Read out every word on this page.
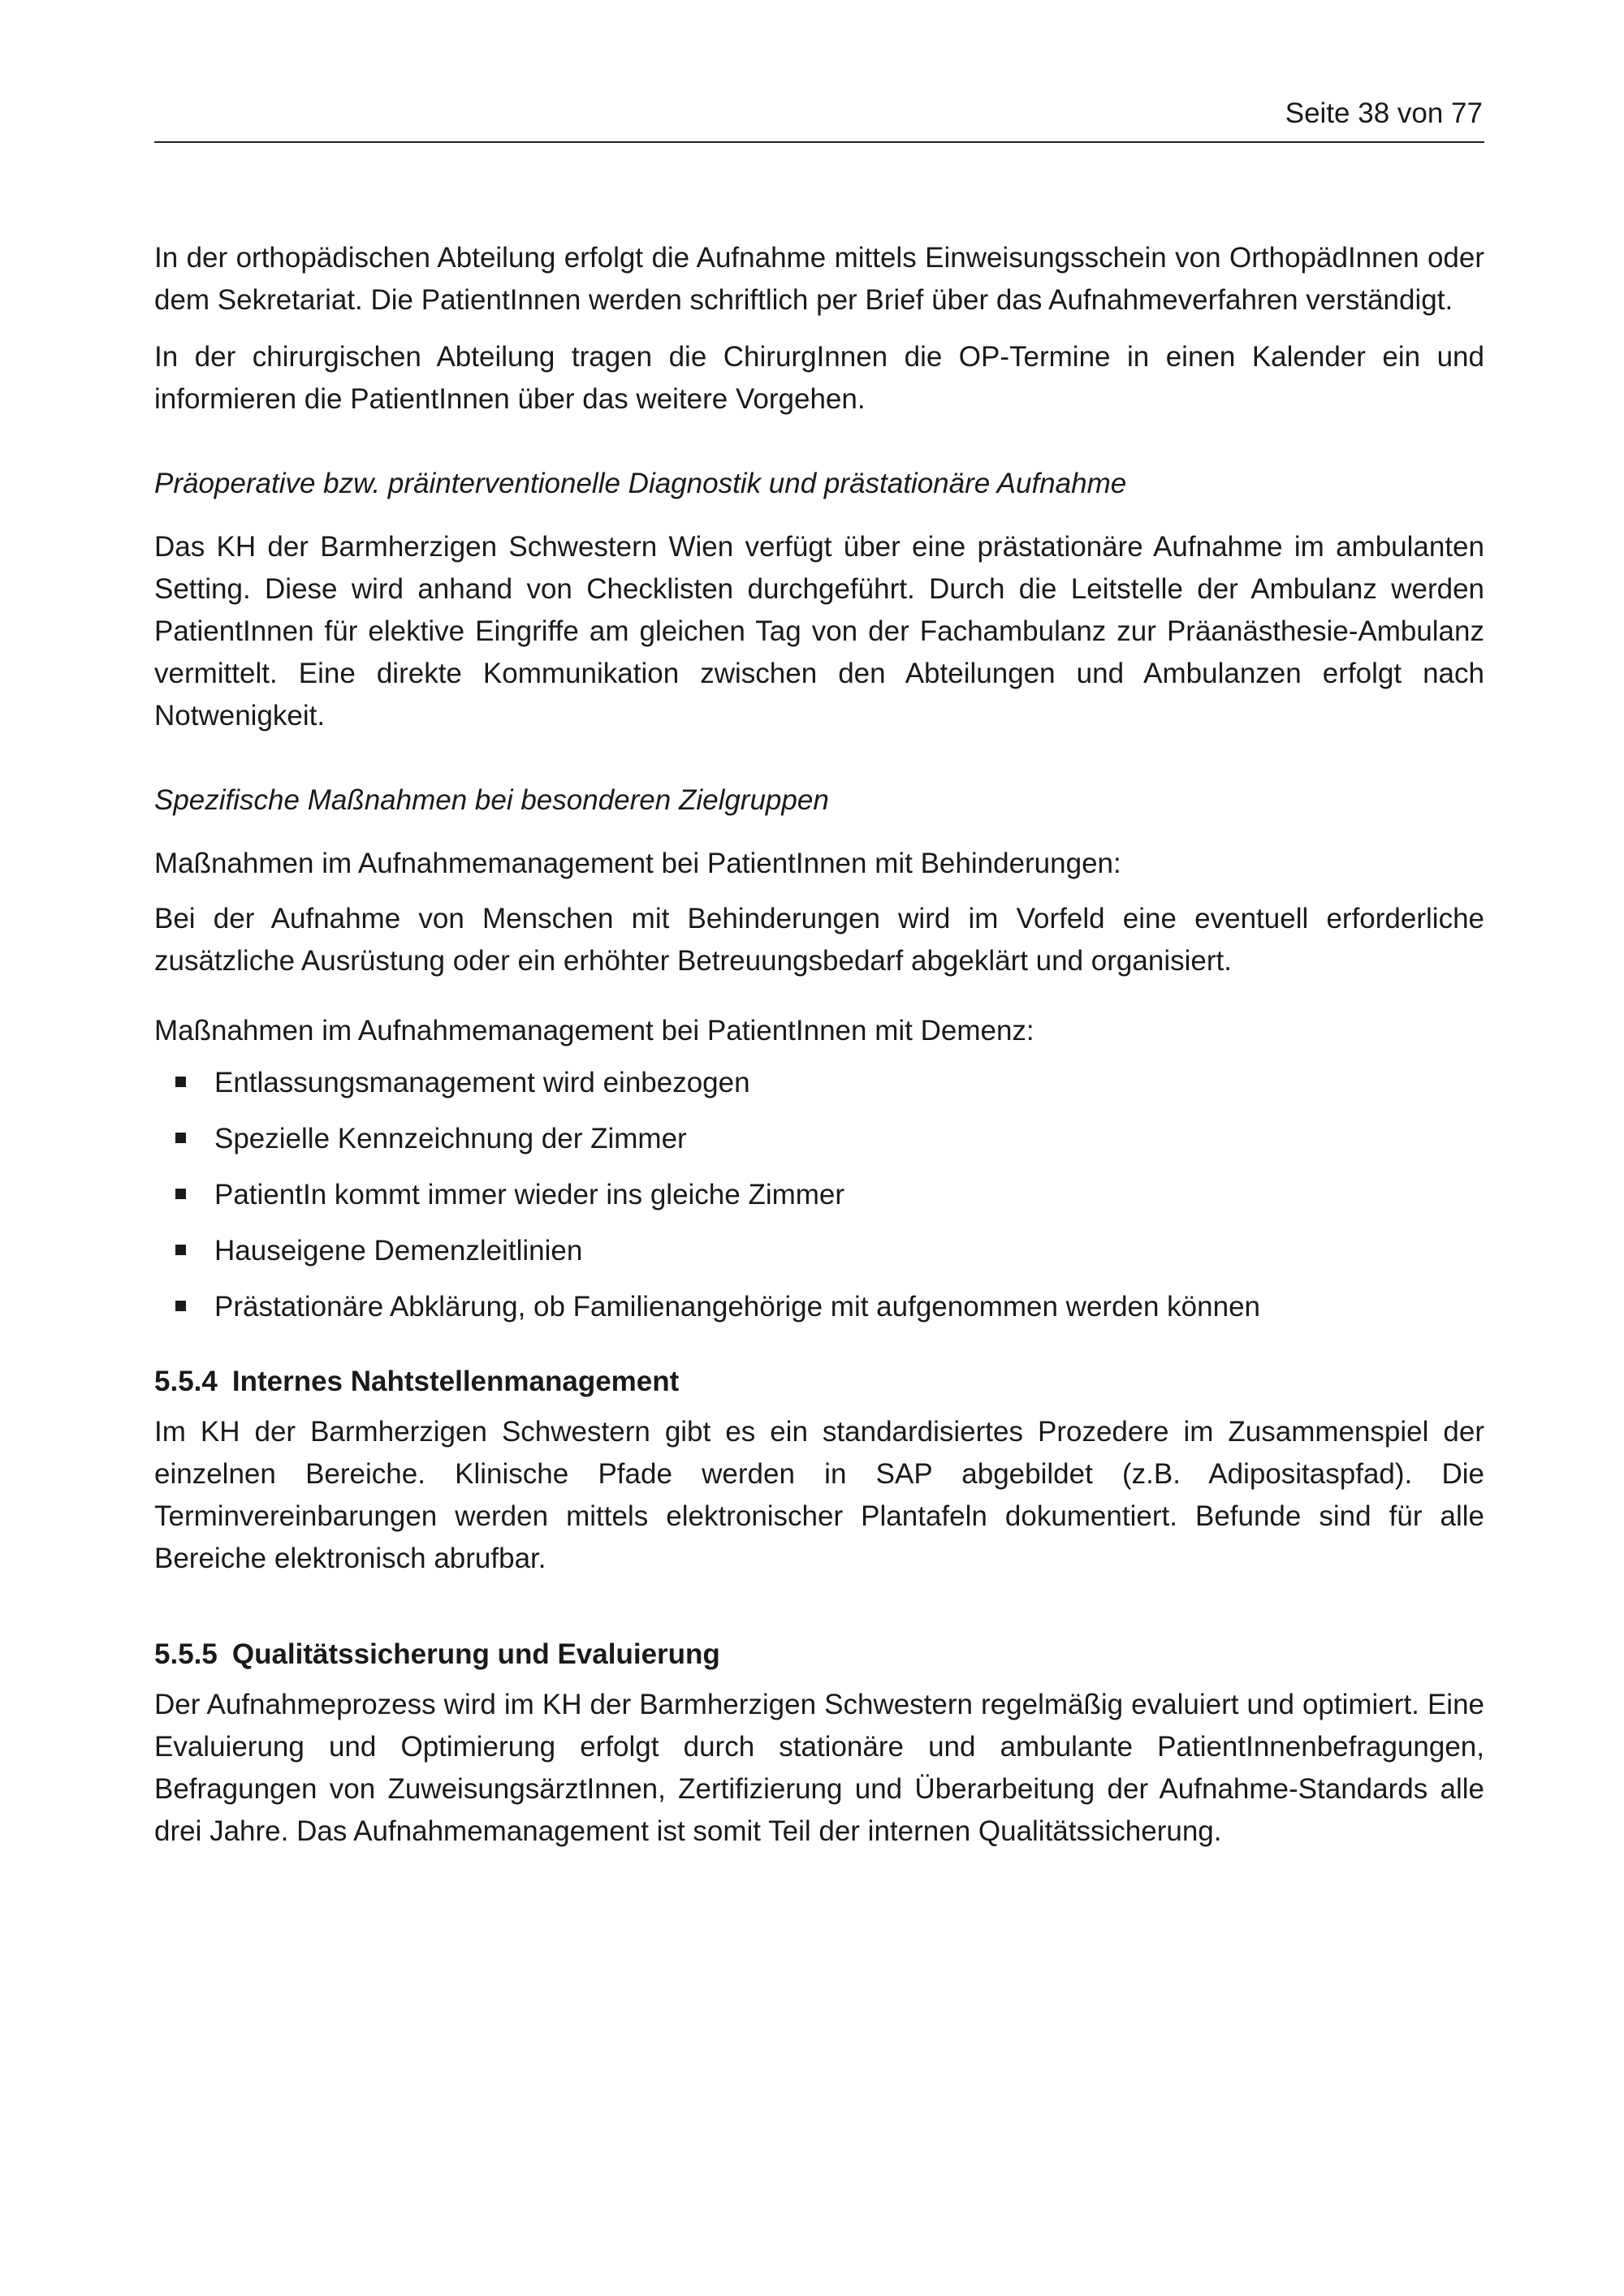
Seite 38 von 77

In der orthopädischen Abteilung erfolgt die Aufnahme mittels Einweisungsschein von OrthopädInnen oder dem Sekretariat. Die PatientInnen werden schriftlich per Brief über das Aufnahmeverfahren verständigt.

In der chirurgischen Abteilung tragen die ChirurgInnen die OP-Termine in einen Kalender ein und informieren die PatientInnen über das weitere Vorgehen.

Präoperative bzw. präinterventionelle Diagnostik und prästationäre Aufnahme

Das KH der Barmherzigen Schwestern Wien verfügt über eine prästationäre Aufnahme im ambulanten Setting. Diese wird anhand von Checklisten durchgeführt. Durch die Leitstelle der Ambulanz werden PatientInnen für elektive Eingriffe am gleichen Tag von der Fachambulanz zur Präanästhesie-Ambulanz vermittelt. Eine direkte Kommunikation zwischen den Abteilungen und Ambulanzen erfolgt nach Notwenigkeit.

Spezifische Maßnahmen bei besonderen Zielgruppen

Maßnahmen im Aufnahmemanagement bei PatientInnen mit Behinderungen:

Bei der Aufnahme von Menschen mit Behinderungen wird im Vorfeld eine eventuell erforderliche zusätzliche Ausrüstung oder ein erhöhter Betreuungsbedarf abgeklärt und organisiert.

Maßnahmen im Aufnahmemanagement bei PatientInnen mit Demenz:

Entlassungsmanagement wird einbezogen
Spezielle Kennzeichnung der Zimmer
PatientIn kommt immer wieder ins gleiche Zimmer
Hauseigene Demenzleitlinien
Prästationäre Abklärung, ob Familienangehörige mit aufgenommen werden können
5.5.4 Internes Nahtstellenmanagement

Im KH der Barmherzigen Schwestern gibt es ein standardisiertes Prozedere im Zusammenspiel der einzelnen Bereiche. Klinische Pfade werden in SAP abgebildet (z.B. Adipositaspfad). Die Terminvereinbarungen werden mittels elektronischer Plantafeln dokumentiert. Befunde sind für alle Bereiche elektronisch abrufbar.

5.5.5 Qualitätssicherung und Evaluierung

Der Aufnahmeprozess wird im KH der Barmherzigen Schwestern regelmäßig evaluiert und optimiert. Eine Evaluierung und Optimierung erfolgt durch stationäre und ambulante PatientInnenbefragungen, Befragungen von ZuweisungsärztInnen, Zertifizierung und Überarbeitung der Aufnahme-Standards alle drei Jahre. Das Aufnahmemanagement ist somit Teil der internen Qualitätssicherung.
